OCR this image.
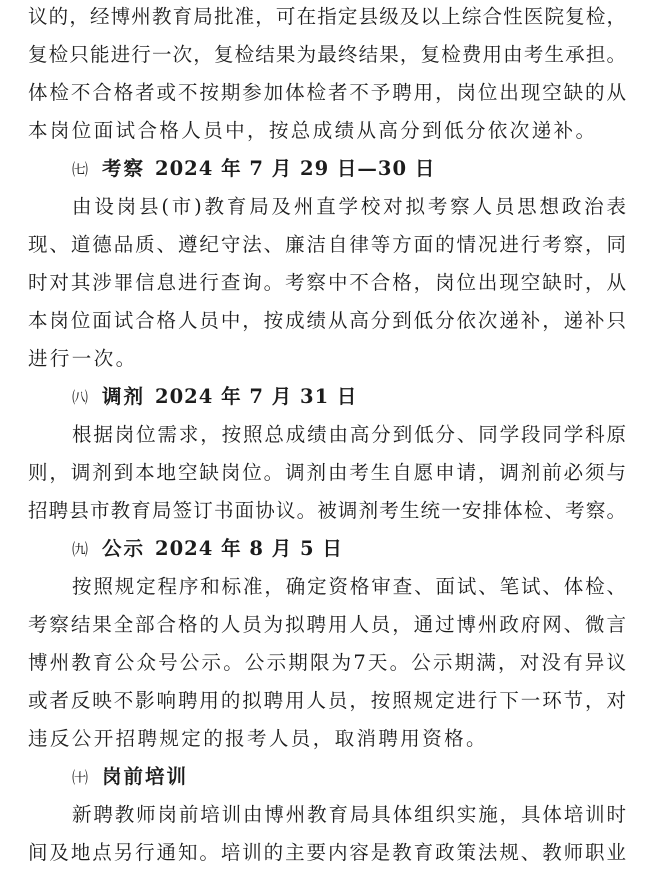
议的，经博州教育局批准，可在指定县级及以上综合性医院复检，
复检只能进行一次，复检结果为最终结果，复检费用由考生承担。
体检不合格者或不按期参加体检者不予聘用，岗位出现空缺的从
本岗位面试合格人员中，按总成绩从高分到低分依次递补。
㈦ 考察 2024 年 7 月 29 日—30 日
由设岗县(市)教育局及州直学校对拟考察人员思想政治表
现、道德品质、遵纪守法、廉洁自律等方面的情况进行考察，同
时对其涉罪信息进行查询。考察中不合格，岗位出现空缺时，从
本岗位面试合格人员中，按成绩从高分到低分依次递补，递补只
进行一次。
㈧ 调剂 2024 年 7 月 31 日
根据岗位需求，按照总成绩由高分到低分、同学段同学科原
则，调剂到本地空缺岗位。调剂由考生自愿申请，调剂前必须与
招聘县市教育局签订书面协议。被调剂考生统一安排体检、考察。
㈨ 公示 2024 年 8 月 5 日
按照规定程序和标准，确定资格审查、面试、笔试、体检、
考察结果全部合格的人员为拟聘用人员，通过博州政府网、微言
博州教育公众号公示。公示期限为7天。公示期满，对没有异议
或者反映不影响聘用的拟聘用人员，按照规定进行下一环节，对
违反公开招聘规定的报考人员，取消聘用资格。
㈩ 岗前培训
新聘教师岗前培训由博州教育局具体组织实施，具体培训时
间及地点另行通知。培训的主要内容是教育政策法规、教师职业
